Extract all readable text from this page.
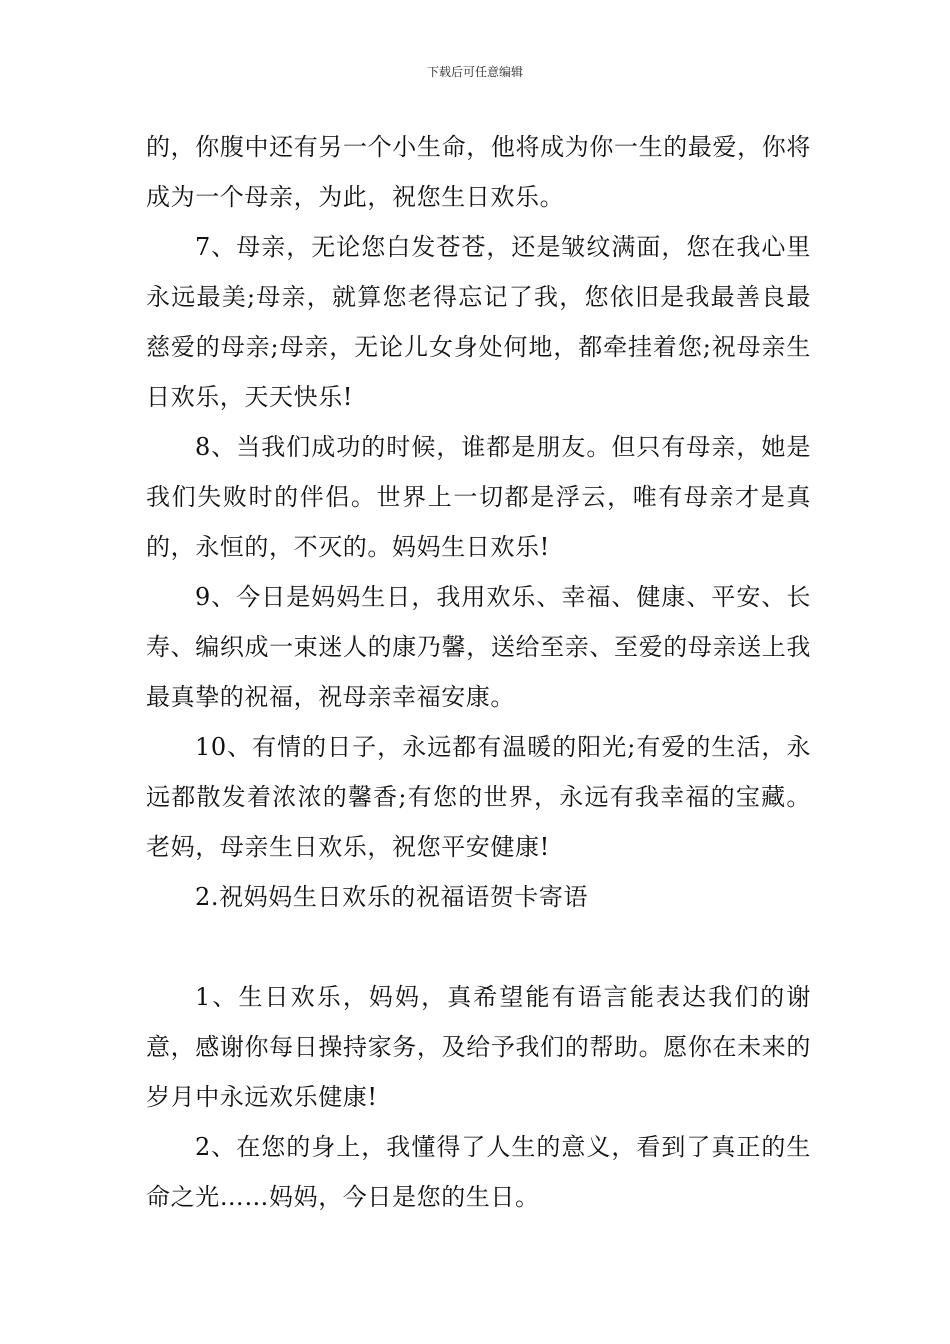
下载后可任意编辑

的，你腹中还有另一个小生命，他将成为你一生的最爱，你将成为一个母亲，为此，祝您生日欢乐。

7、母亲，无论您白发苍苍，还是皱纹满面，您在我心里永远最美;母亲，就算您老得忘记了我，您依旧是我最善良最慈爱的母亲;母亲，无论儿女身处何地，都牵挂着您;祝母亲生日欢乐，天天快乐!

8、当我们成功的时候，谁都是朋友。但只有母亲，她是我们失败时的伴侣。世界上一切都是浮云，唯有母亲才是真的，永恒的，不灭的。妈妈生日欢乐!

9、今日是妈妈生日，我用欢乐、幸福、健康、平安、长寿、编织成一束迷人的康乃馨，送给至亲、至爱的母亲送上我最真挚的祝福，祝母亲幸福安康。

10、有情的日子，永远都有温暖的阳光;有爱的生活，永远都散发着浓浓的馨香;有您的世界，永远有我幸福的宝藏。老妈，母亲生日欢乐，祝您平安健康!

2.祝妈妈生日欢乐的祝福语贺卡寄语

1、生日欢乐，妈妈，真希望能有语言能表达我们的谢意，感谢你每日操持家务，及给予我们的帮助。愿你在未来的岁月中永远欢乐健康!

2、在您的身上，我懂得了人生的意义，看到了真正的生命之光……妈妈，今日是您的生日。
